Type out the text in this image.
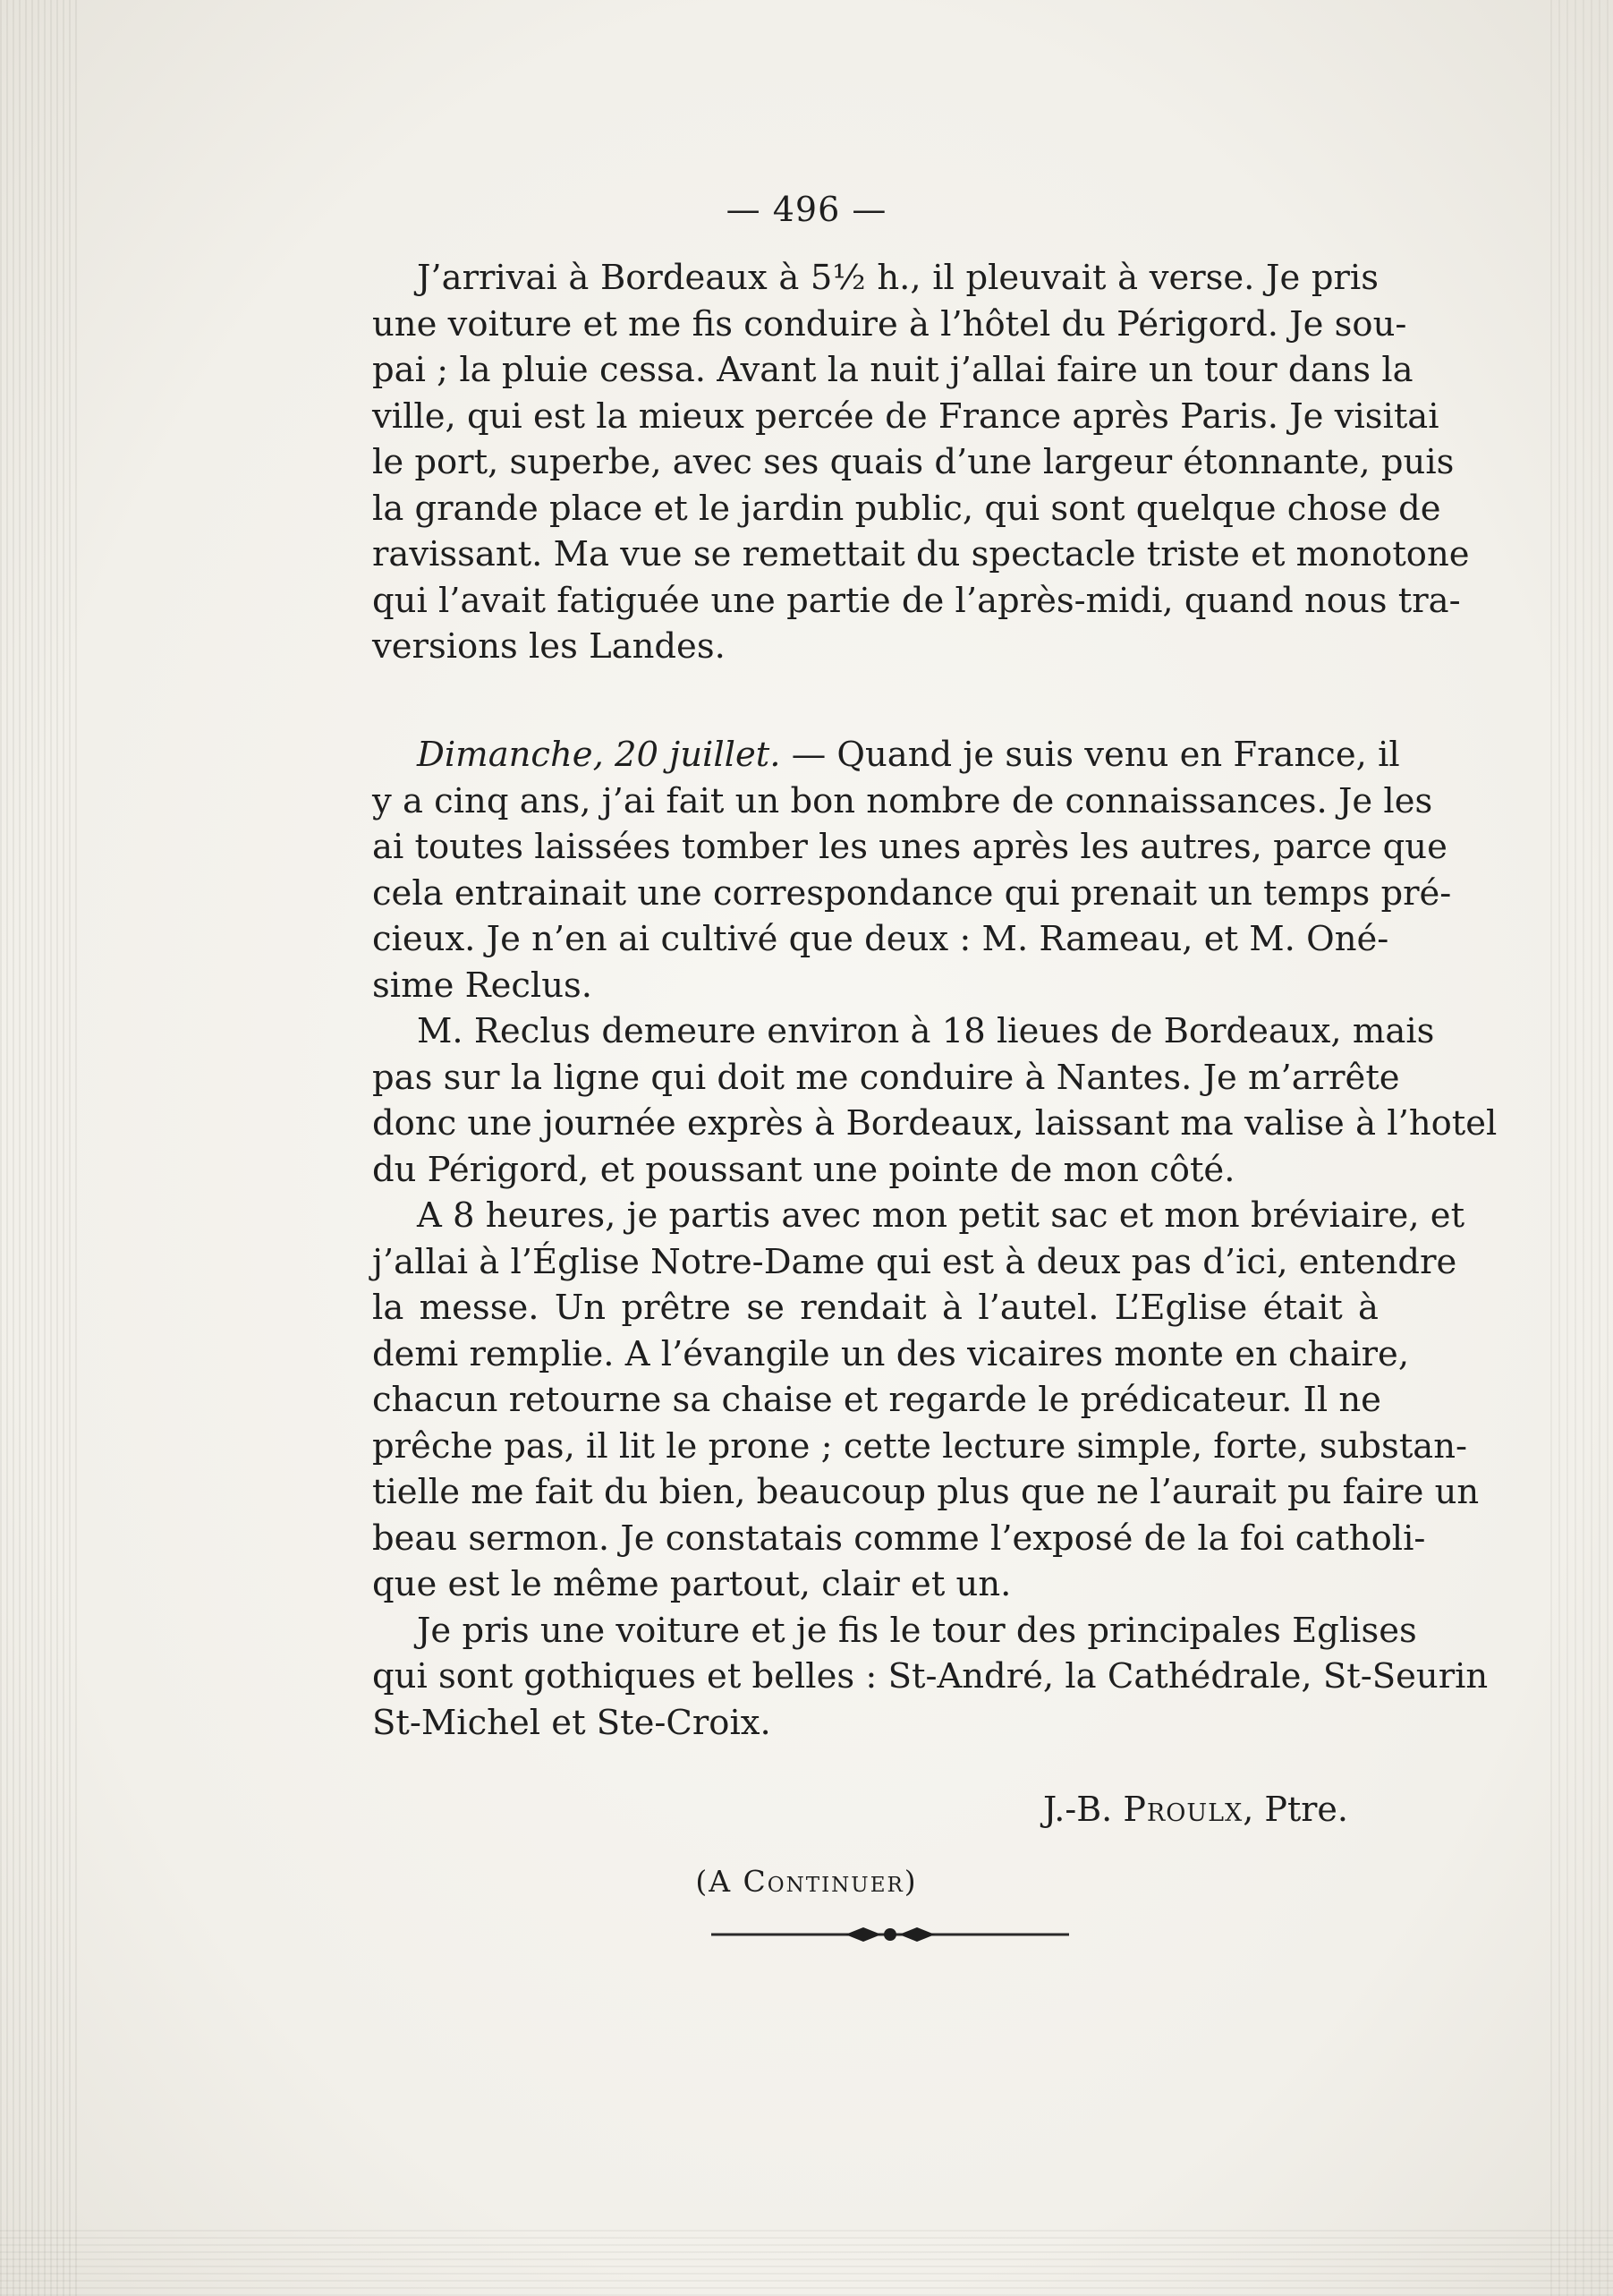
— 496 —
J’arrivai à Bordeaux à 5½ h., il pleuvait à verse. Je pris
une voiture et me fis conduire à l’hôtel du Périgord. Je sou-
pai ; la pluie cessa. Avant la nuit j’allai faire un tour dans la
ville, qui est la mieux percée de France après Paris. Je visitai
le port, superbe, avec ses quais d’une largeur étonnante, puis
la grande place et le jardin public, qui sont quelque chose de
ravissant. Ma vue se remettait du spectacle triste et monotone
qui l’avait fatiguée une partie de l’après-midi, quand nous tra-
versions les Landes.
Dimanche, 20 juillet. — Quand je suis venu en France, il
y a cinq ans, j’ai fait un bon nombre de connaissances. Je les
ai toutes laissées tomber les unes après les autres, parce que
cela entrainait une correspondance qui prenait un temps pré-
cieux. Je n’en ai cultivé que deux : M. Rameau, et M. Oné-
sime Reclus.
M. Reclus demeure environ à 18 lieues de Bordeaux, mais
pas sur la ligne qui doit me conduire à Nantes. Je m’arrête
donc une journée exprès à Bordeaux, laissant ma valise à l’hotel
du Périgord, et poussant une pointe de mon côté.
A 8 heures, je partis avec mon petit sac et mon bréviaire, et
j’allai à l’Église Notre-Dame qui est à deux pas d’ici, entendre
la messe. Un prêtre se rendait à l’autel. L’Eglise était à
demi remplie. A l’évangile un des vicaires monte en chaire,
chacun retourne sa chaise et regarde le prédicateur. Il ne
prêche pas, il lit le prone ; cette lecture simple, forte, substan-
tielle me fait du bien, beaucoup plus que ne l’aurait pu faire un
beau sermon. Je constatais comme l’exposé de la foi catholi-
que est le même partout, clair et un.
Je pris une voiture et je fis le tour des principales Eglises
qui sont gothiques et belles : St-André, la Cathédrale, St-Seurin
St-Michel et Ste-Croix.
J.-B. Proulx, Ptre.
(A Continuer)
